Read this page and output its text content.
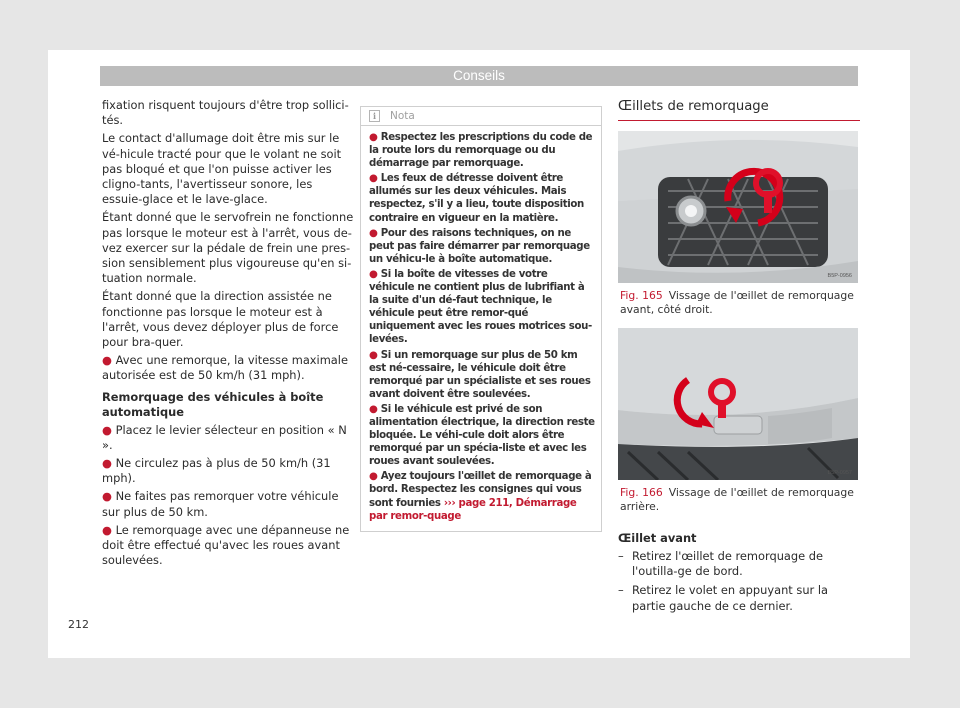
Conseils

fixation risquent toujours d'être trop sollici-tés.

Le contact d'allumage doit être mis sur le vé-hicule tracté pour que le volant ne soit pas bloqué et que l'on puisse activer les cligno-tants, l'avertisseur sonore, les essuie-glace et le lave-glace.

Étant donné que le servofrein ne fonctionne pas lorsque le moteur est à l'arrêt, vous de-vez exercer sur la pédale de frein une pres-sion sensiblement plus vigoureuse qu'en si-tuation normale.

Étant donné que la direction assistée ne fonctionne pas lorsque le moteur est à l'arrêt, vous devez déployer plus de force pour bra-quer.

● Avec une remorque, la vitesse maximale autorisée est de 50 km/h (31 mph).

Remorquage des véhicules à boîte automatique

● Placez le levier sélecteur en position « N ».

● Ne circulez pas à plus de 50 km/h (31 mph).

● Ne faites pas remorquer votre véhicule sur plus de 50 km.

● Le remorquage avec une dépanneuse ne doit être effectué qu'avec les roues avant soulevées.

i	Nota

● Respectez les prescriptions du code de la route lors du remorquage ou du démarrage par remorquage.

● Les feux de détresse doivent être allumés sur les deux véhicules. Mais respectez, s'il y a lieu, toute disposition contraire en vigueur en la matière.

● Pour des raisons techniques, on ne peut pas faire démarrer par remorquage un véhicu-le à boîte automatique.

● Si la boîte de vitesses de votre véhicule ne contient plus de lubrifiant à la suite d'un dé-faut technique, le véhicule peut être remor-qué uniquement avec les roues motrices sou-levées.

● Si un remorquage sur plus de 50 km est né-cessaire, le véhicule doit être remorqué par un spécialiste et ses roues avant doivent être soulevées.

● Si le véhicule est privé de son alimentation électrique, la direction reste bloquée. Le véhi-cule doit alors être remorqué par un spécia-liste et avec les roues avant soulevées.

● Ayez toujours l'œillet de remorquage à bord. Respectez les consignes qui vous sont fournies ››› page 211, Démarrage par remor-quage

Œillets de remorquage
B5P-0956
Fig. 165 Vissage de l'œillet de remorquage avant, côté droit.
B5P-0957
Fig. 166 Vissage de l'œillet de remorquage arrière.
Œillet avant
– Retirez l'œillet de remorquage de l'outilla-ge de bord.
– Retirez le volet en appuyant sur la partie gauche de ce dernier.
212
